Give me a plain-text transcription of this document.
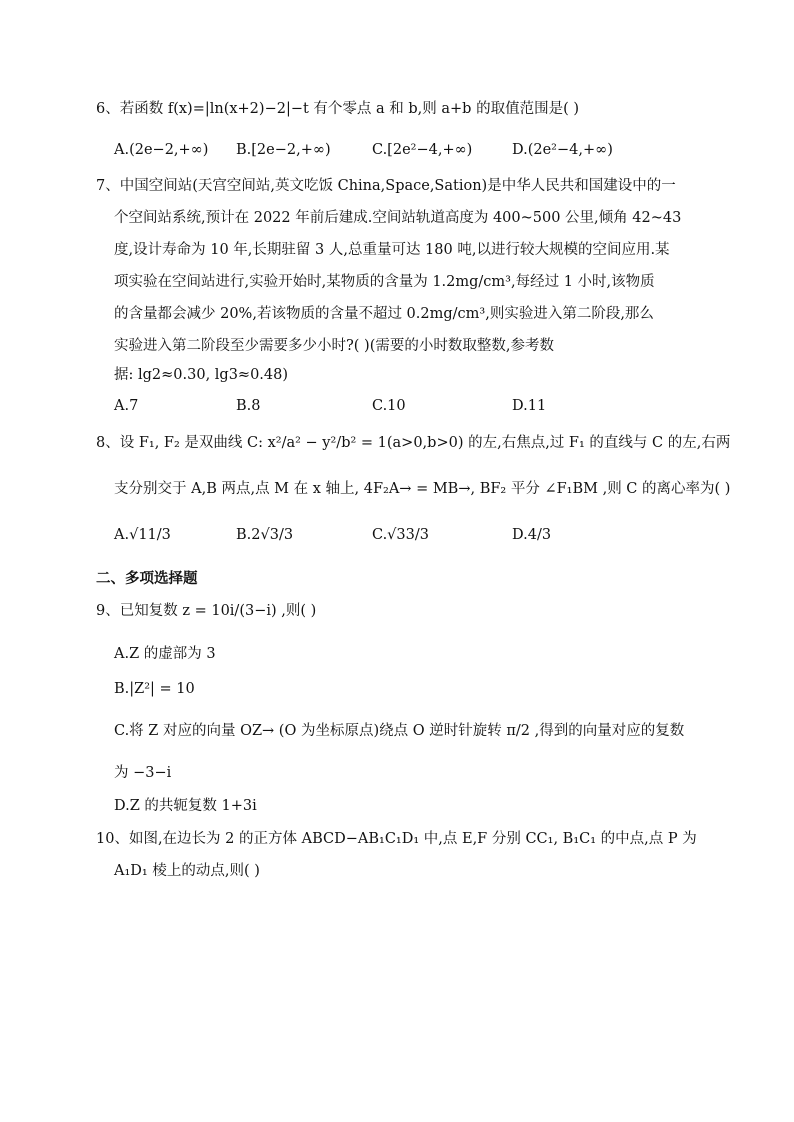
6、若函数 f(x)=|ln(x+2)−2|−t 有个零点 a 和 b,则 a+b 的取值范围是( )
A.(2e−2,+∞) B.[2e−2,+∞)	C.[2e²−4,+∞)	D.(2e²−4,+∞)
7、中国空间站(天宫空间站,英文吃饭 China,Space,Sation)是中华人民共和国建设中的一
个空间站系统,预计在 2022 年前后建成.空间站轨道高度为 400~500 公里,倾角 42~43
度,设计寿命为 10 年,长期驻留 3 人,总重量可达 180 吨,以进行较大规模的空间应用.某
项实验在空间站进行,实验开始时,某物质的含量为 1.2mg/cm³,每经过 1 小时,该物质
的含量都会减少 20%,若该物质的含量不超过 0.2mg/cm³,则实验进入第二阶段,那么
实验进入第二阶段至少需要多少小时?( )(需要的小时数取整数,参考数
据: lg2≈0.30, lg3≈0.48)
A.7	B.8	C.10	D.11
8、设 F₁, F₂ 是双曲线 C: x²/a² − y²/b² = 1(a>0,b>0) 的左,右焦点,过 F₁ 的直线与 C 的左,右两
支分别交于 A,B 两点,点 M 在 x 轴上, 4F₂A→ = MB→, BF₂ 平分 ∠F₁BM ,则 C 的离心率为( )
A.√11/3	B.2√3/3	C.√33/3	D.4/3
二、多项选择题
9、已知复数 z = 10i/(3−i) ,则( )
A.Z 的虚部为 3
B.|Z²| = 10
C.将 Z 对应的向量 OZ→ (O 为坐标原点)绕点 O 逆时针旋转 π/2 ,得到的向量对应的复数
为 −3−i
D.Z 的共轭复数 1+3i
10、如图,在边长为 2 的正方体 ABCD−AB₁C₁D₁ 中,点 E,F 分别 CC₁, B₁C₁ 的中点,点 P 为
A₁D₁ 棱上的动点,则( )
